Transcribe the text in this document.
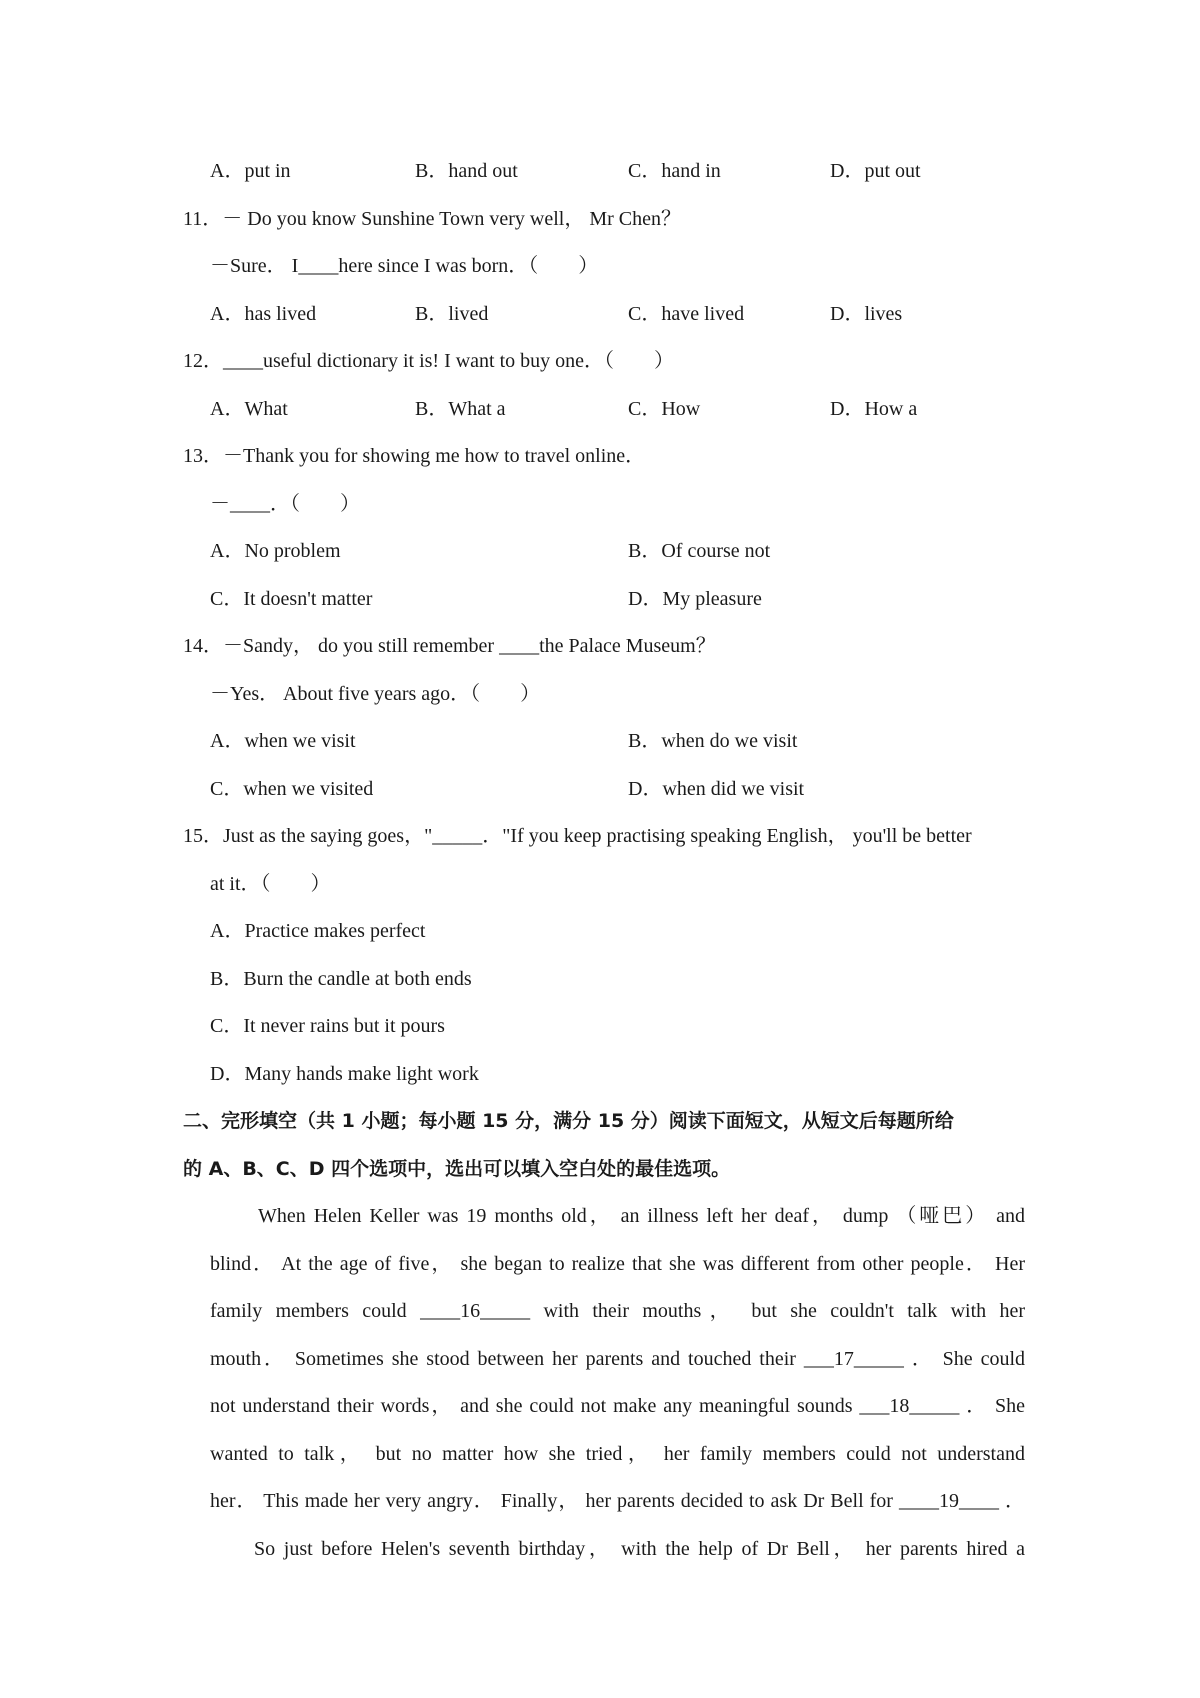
A．put in	B．hand out	C．hand in	D．put out
11．－ Do you know Sunshine Town very well， Mr Chen？
－Sure． I____here since I was born．（　　）
A．has lived	B．lived	C．have lived	D．lives
12．____useful dictionary it is! I want to buy one．（　　）
A．What	B．What a	C．How	D．How a
13．－Thank you for showing me how to travel online．
－____．（　　）
A．No problem	B．Of course not
C．It doesn't matter	D．My pleasure
14．－Sandy， do you still remember ____the Palace Museum？
－Yes． About five years ago．（　　）
A．when we visit	B．when do we visit
C．when we visited	D．when did we visit
15．Just as the saying goes，"_____．"If you keep practising speaking English， you'll be better
at it．（　　）
A．Practice makes perfect
B．Burn the candle at both ends
C．It never rains but it pours
D．Many hands make light work
二、完形填空（共 1 小题；每小题 15 分，满分 15 分）阅读下面短文，从短文后每题所给
的 A、B、C、D 四个选项中，选出可以填入空白处的最佳选项。
When Helen Keller was 19 months old， an illness left her deaf， dump （哑巴） and
blind． At the age of five， she began to realize that she was different from other people． Her
family members could ____16_____ with their mouths， but she couldn't talk with her
mouth． Sometimes she stood between her parents and touched their ___17_____ ． She could
not understand their words， and she could not make any meaningful sounds ___18_____ ． She
wanted to talk， but no matter how she tried， her family members could not understand
her． This made her very angry． Finally， her parents decided to ask Dr Bell for ____19____ ．
So just before Helen's seventh birthday， with the help of Dr Bell， her parents hired a
